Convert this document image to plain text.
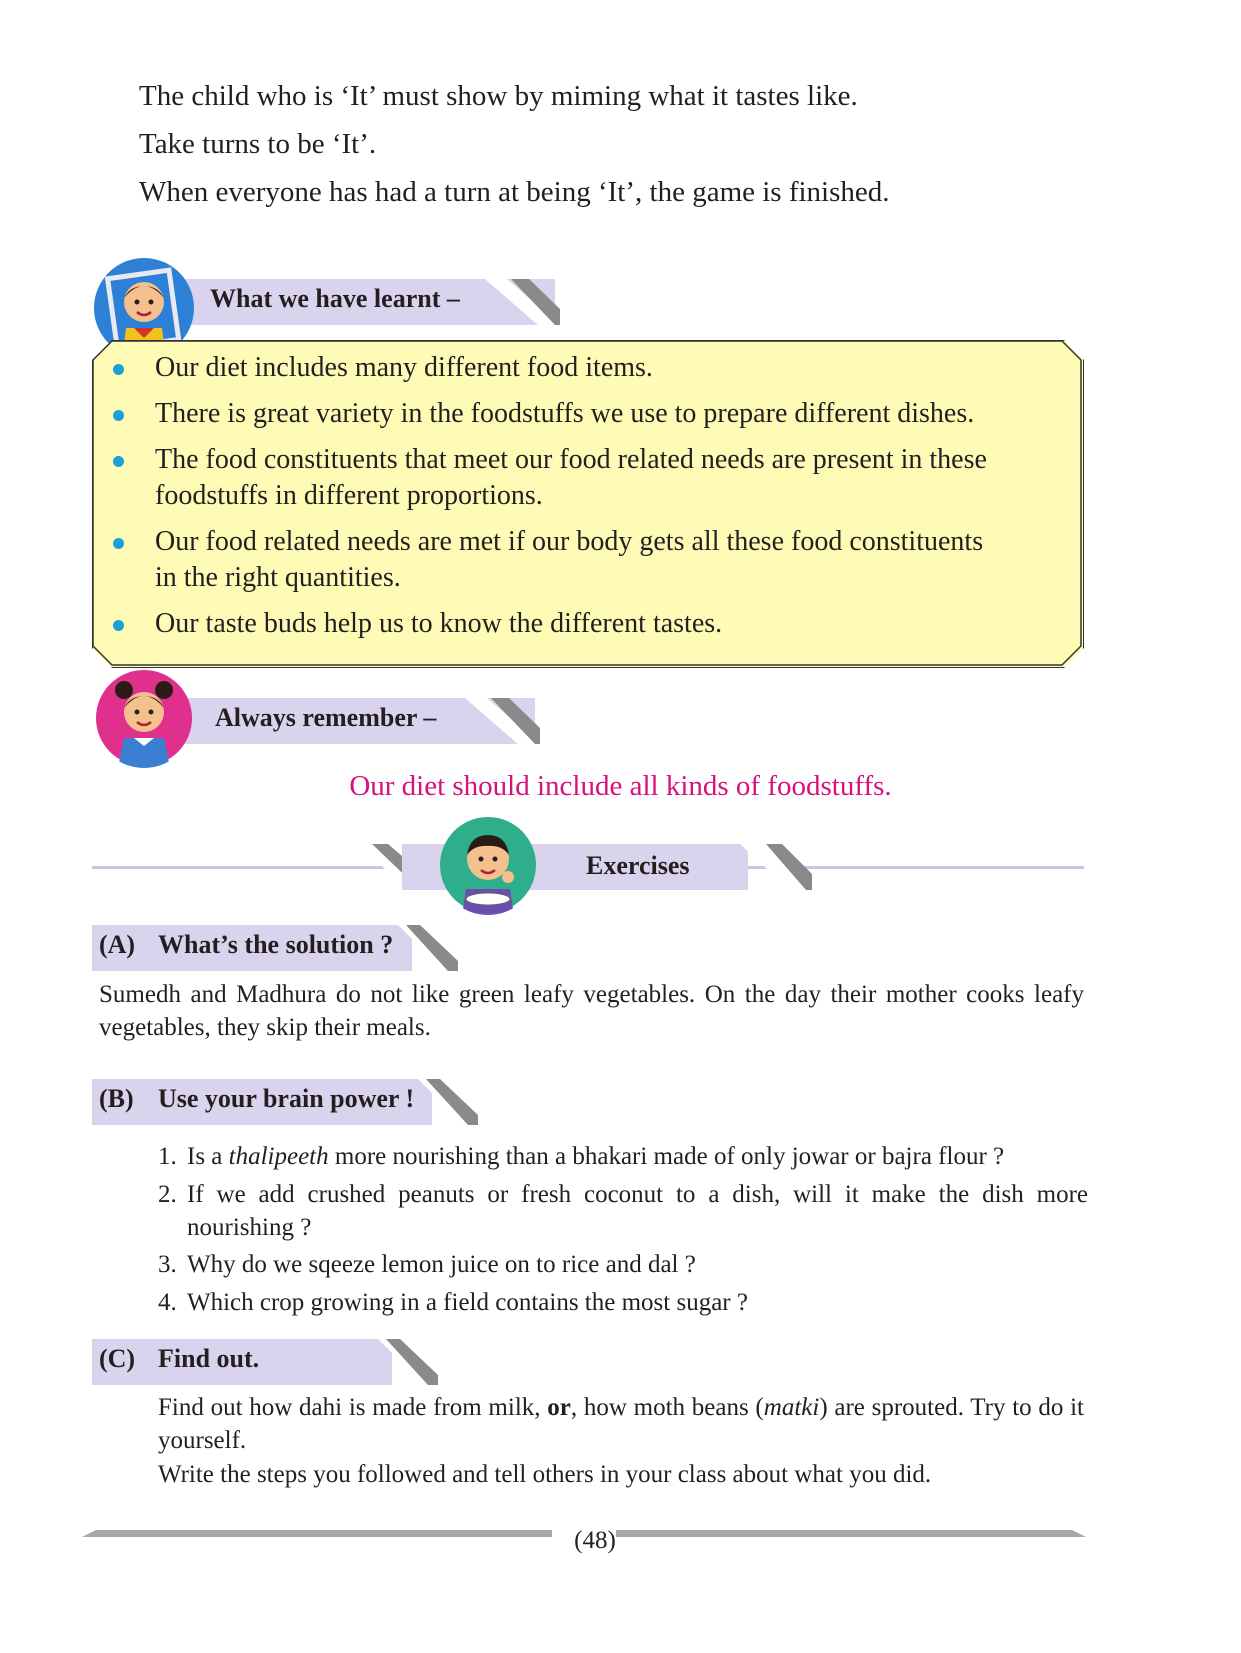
The child who is ‘It’ must show by miming what it tastes like.
Take turns to be ‘It’.
When everyone has had a turn at being ‘It’, the game is finished.
What we have learnt –
Our diet includes many different food items.
There is great variety in the foodstuffs we use to prepare different dishes.
The food constituents that meet our food related needs are present in these
foodstuffs in different proportions.
Our food related needs are met if our body gets all these food constituents
in the right quantities.
Our taste buds help us to know the different tastes.
Always remember –
Our diet should include all kinds of foodstuffs.
Exercises
(A) What’s the solution ?
Sumedh and Madhura do not like green leafy vegetables. On the day their mother cooks leafy vegetables, they skip their meals.
(B) Use your brain power !
1. Is a thalipeeth more nourishing than a bhakari made of only jowar or bajra flour ?
2. If we add crushed peanuts or fresh coconut to a dish, will it make the dish more nourishing ?
3. Why do we sqeeze lemon juice on to rice and dal ?
4. Which crop growing in a field contains the most sugar ?
(C) Find out.
Find out how dahi is made from milk, or, how moth beans (matki) are sprouted. Try to do it yourself.
Write the steps you followed and tell others in your class about what you did.
(48)
